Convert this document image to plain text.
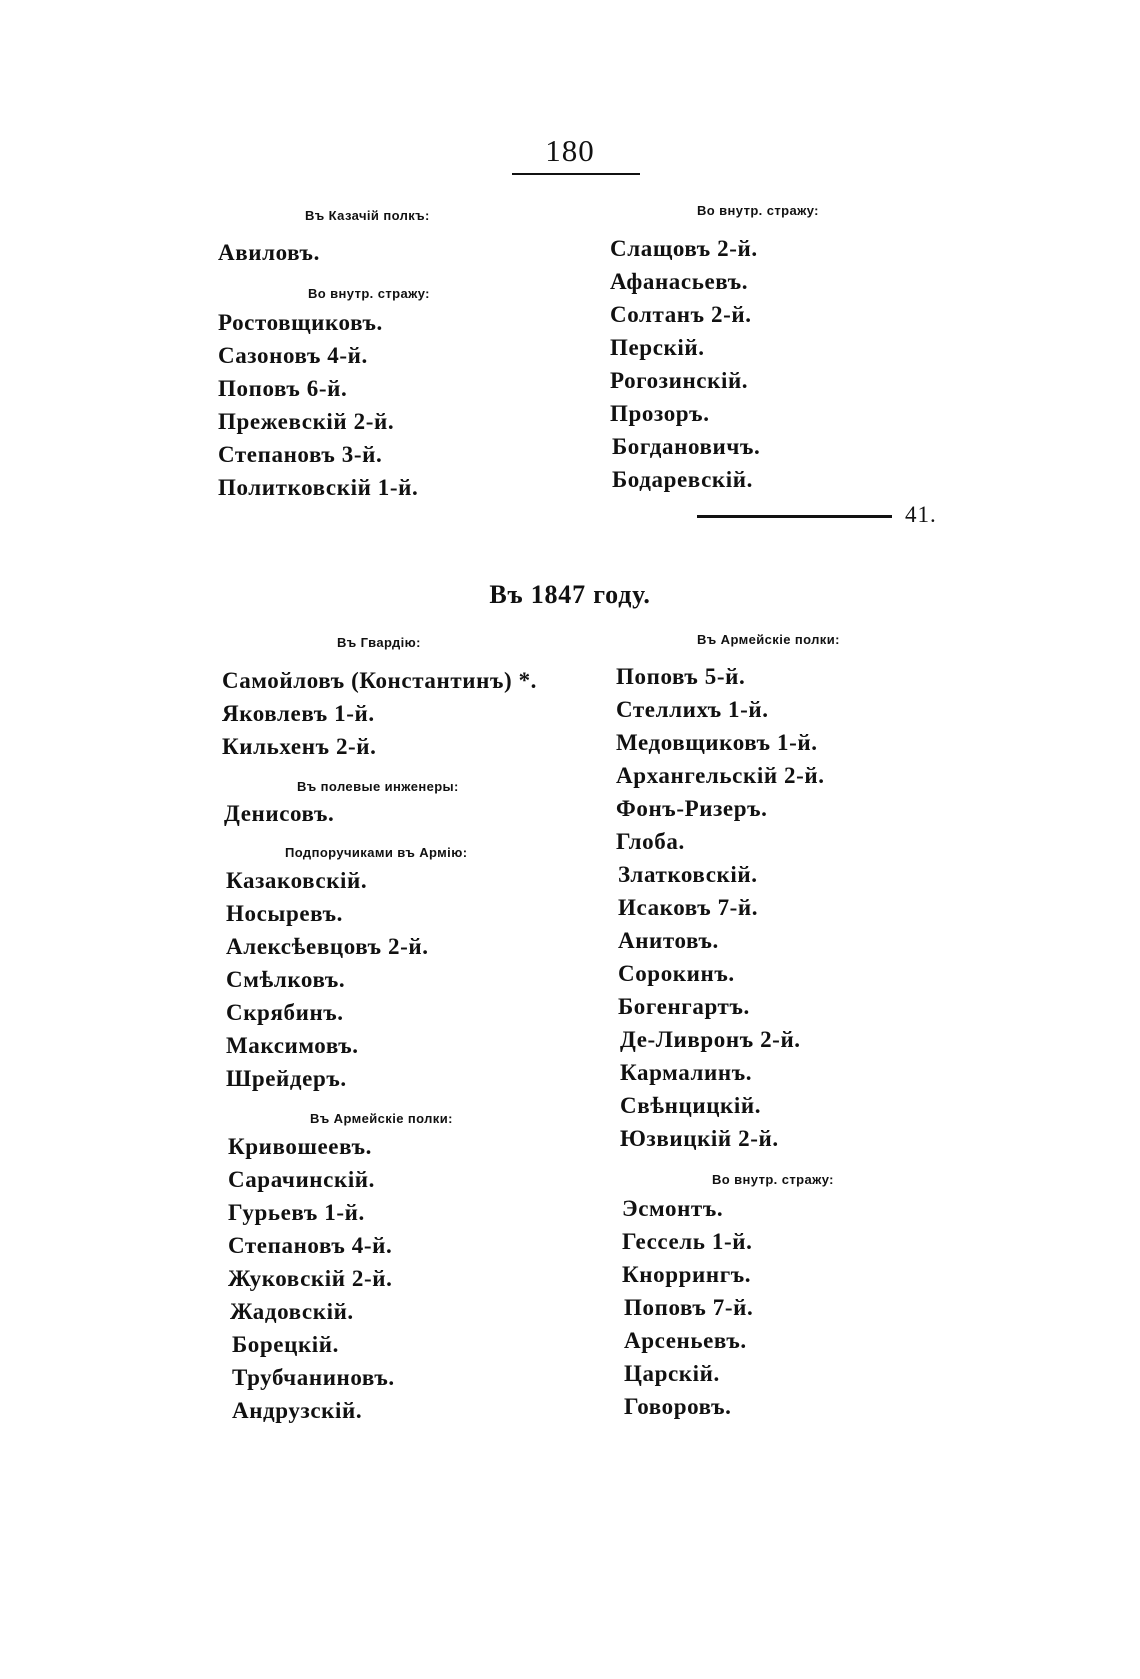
180
Въ Казачій полкъ:
Авиловъ.
Во внутр. стражу:
Ростовщиковъ.
Сазоновъ 4-й.
Поповъ 6-й.
Прежевскій 2-й.
Степановъ 3-й.
Политковскій 1-й.
Во внутр. стражу:
Слащовъ 2-й.
Афанасьевъ.
Солтанъ 2-й.
Перскій.
Рогозинскій.
Прозоръ.
Богдановичъ.
Бодаревскій.
41.
Въ 1847 году.
Въ Гвардію:
Самойловъ (Константинъ) *.
Яковлевъ 1-й.
Кильхенъ 2-й.
Въ полевые инженеры:
Денисовъ.
Подпоручиками въ Армію:
Казаковскій.
Носыревъ.
Алексѣевцовъ 2-й.
Смѣлковъ.
Скрябинъ.
Максимовъ.
Шрейдеръ.
Въ Армейскіе полки:
Кривошеевъ.
Сарачинскій.
Гурьевъ 1-й.
Степановъ 4-й.
Жуковскій 2-й.
Жадовскій.
Борецкій.
Трубчаниновъ.
Андрузскій.
Въ Армейскіе полки:
Поповъ 5-й.
Стеллихъ 1-й.
Медовщиковъ 1-й.
Архангельскій 2-й.
Фонъ-Ризеръ.
Глоба.
Златковскій.
Исаковъ 7-й.
Анитовъ.
Сорокинъ.
Богенгартъ.
Де-Ливронъ 2-й.
Кармалинъ.
Свѣнцицкій.
Юзвицкій 2-й.
Во внутр. стражу:
Эсмонтъ.
Гессель 1-й.
Кноррингъ.
Поповъ 7-й.
Арсеньевъ.
Царскій.
Говоровъ.
